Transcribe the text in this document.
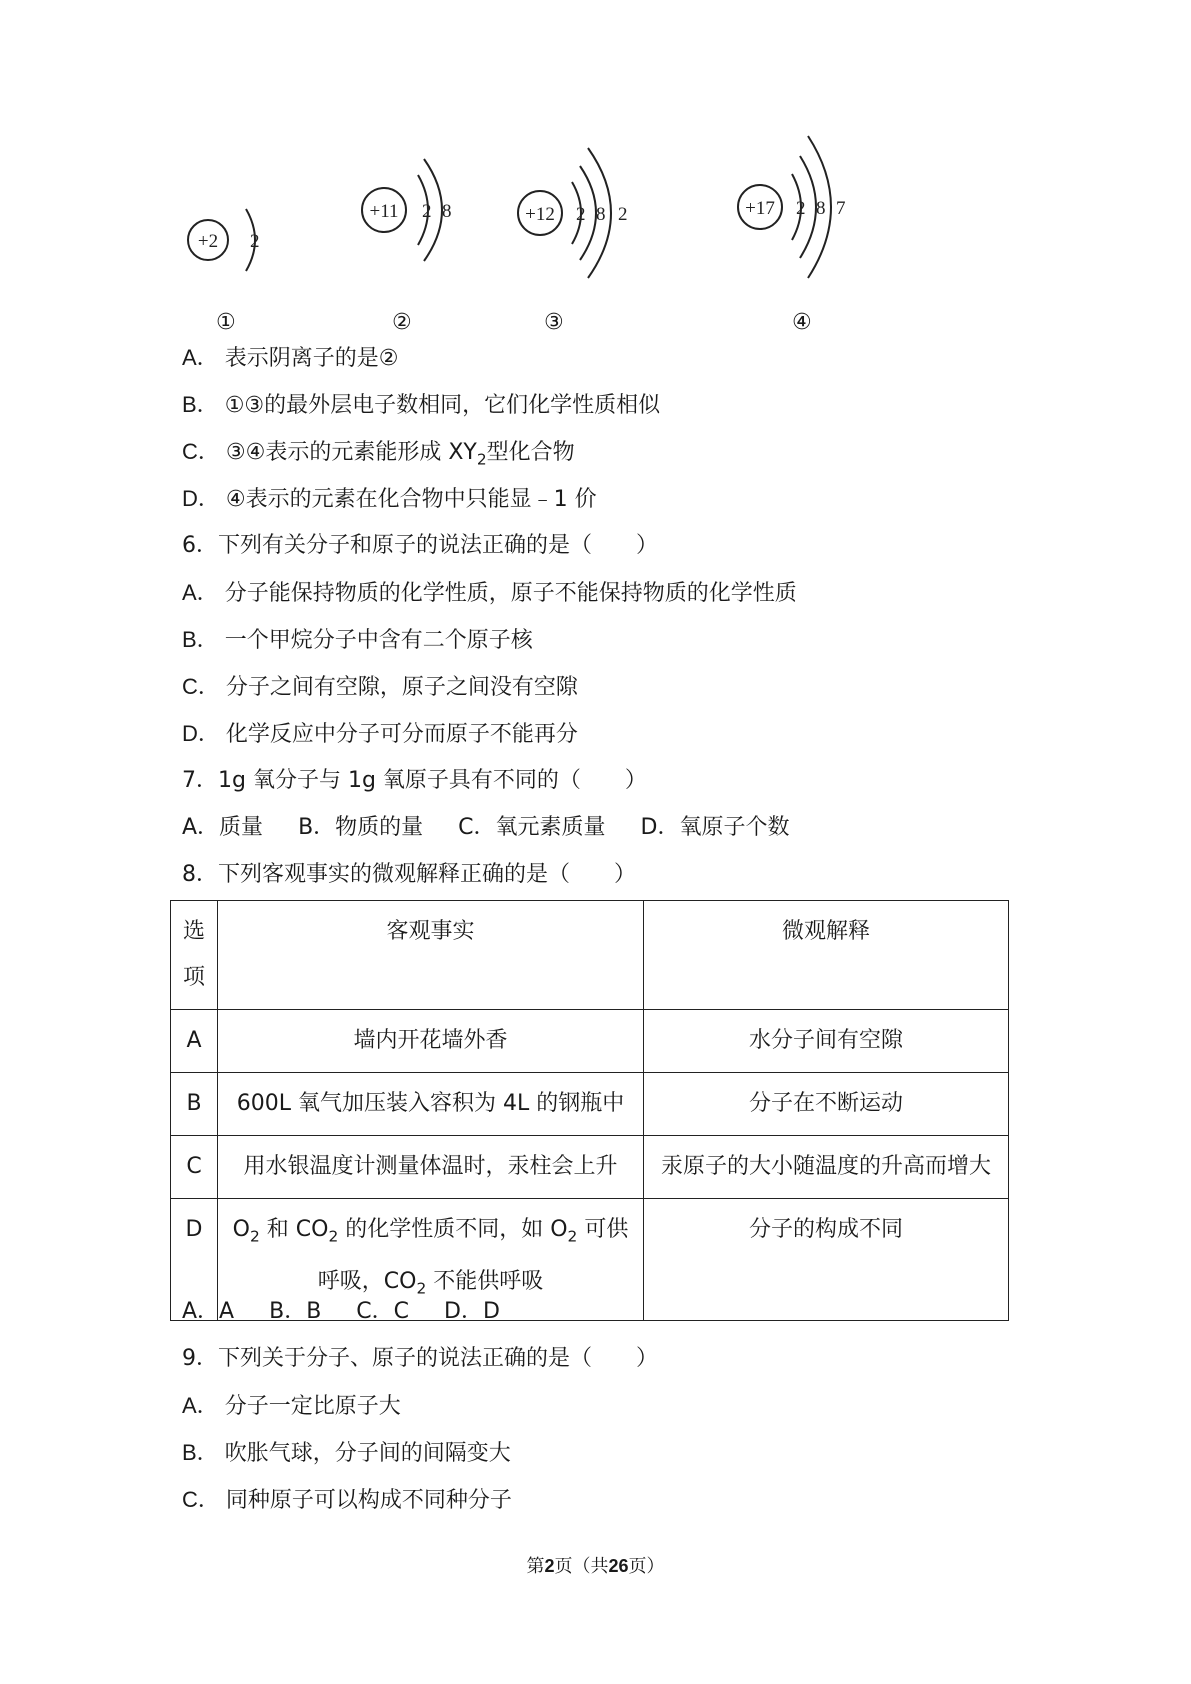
+2 2
①
+11 2 8
②
+12 2 8 2
③
+17 2 8 7
④
A． 表示阴离子的是②
B． ①③的最外层电子数相同，它们化学性质相似
C． ③④表示的元素能形成 $XY_2$型化合物
D． ④表示的元素在化合物中只能显﹣1 价
6．下列有关分子和原子的说法正确的是（　　）
A． 分子能保持物质的化学性质，原子不能保持物质的化学性质
B． 一个甲烷分子中含有二个原子核
C． 分子之间有空隙，原子之间没有空隙
D． 化学反应中分子可分而原子不能再分
7．1g 氧分子与 1g 氧原子具有不同的（　　）
A．质量 B．物质的量 C．氧元素质量 D．氧原子个数
8．下列客观事实的微观解释正确的是（　　）
选项	客观事实	微观解释
A	墙内开花墙外香	水分子间有空隙
B	600L 氧气加压装入容积为 4L 的钢瓶中	分子在不断运动
C	用水银温度计测量体温时，汞柱会上升	汞原子的大小随温度的升高而增大
D	$O_2$ 和 $CO_2$ 的化学性质不同，如 $O_2$ 可供呼吸，$CO_2$ 不能供呼吸	分子的构成不同
A．A B．B C．C D．D
9．下列关于分子、原子的说法正确的是（　　）
A． 分子一定比原子大
B． 吹胀气球，分子间的间隔变大
C． 同种原子可以构成不同种分子
第2页（共26页）
